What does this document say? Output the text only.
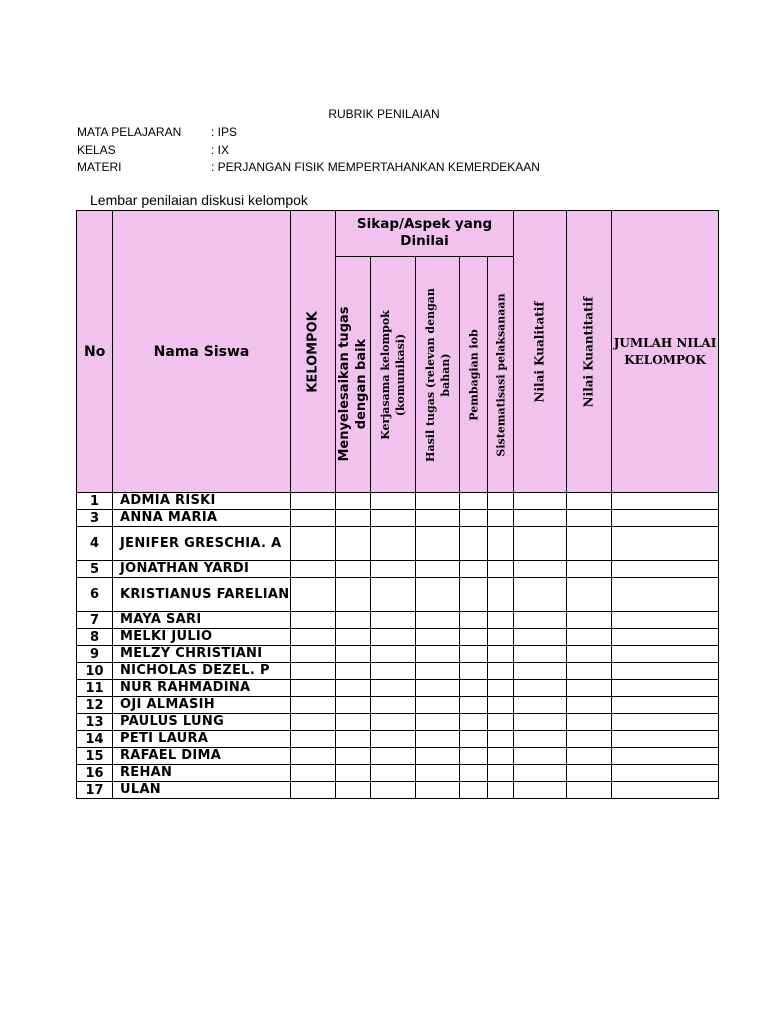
RUBRIK PENILAIAN
MATA PELAJARAN : IPS
KELAS	: IX
MATERI	: PERJANGAN FISIK MEMPERTAHANKAN KEMERDEKAAN
Lembar penilaian diskusi kelompok
No	Nama Siswa	KELOMPOK	Sikap/Aspek yang Dinilai					Nilai Kualitatif	Nilai Kuantitatif	JUMLAH NILAI KELOMPOK

			Menyelesaikan tugas dengan baik	Kerjasama kelompok (komunikasi)	Hasil tugas (relevan dengan bahan)	Pembagian iob	Sistematisasi pelaksanaan			

1	ADMIA RISKI									
3	ANNA MARIA									
4	JENIFER GRESCHIA. A									
5	JONATHAN YARDI									
6	KRISTIANUS FARELIAN									
7	MAYA SARI									
8	MELKI JULIO									
9	MELZY CHRISTIANI									
10	NICHOLAS DEZEL. P									
11	NUR RAHMADINA									
12	OJI ALMASIH									
13	PAULUS LUNG									
14	PETI LAURA									
15	RAFAEL DIMA									
16	REHAN									
17	ULAN									
